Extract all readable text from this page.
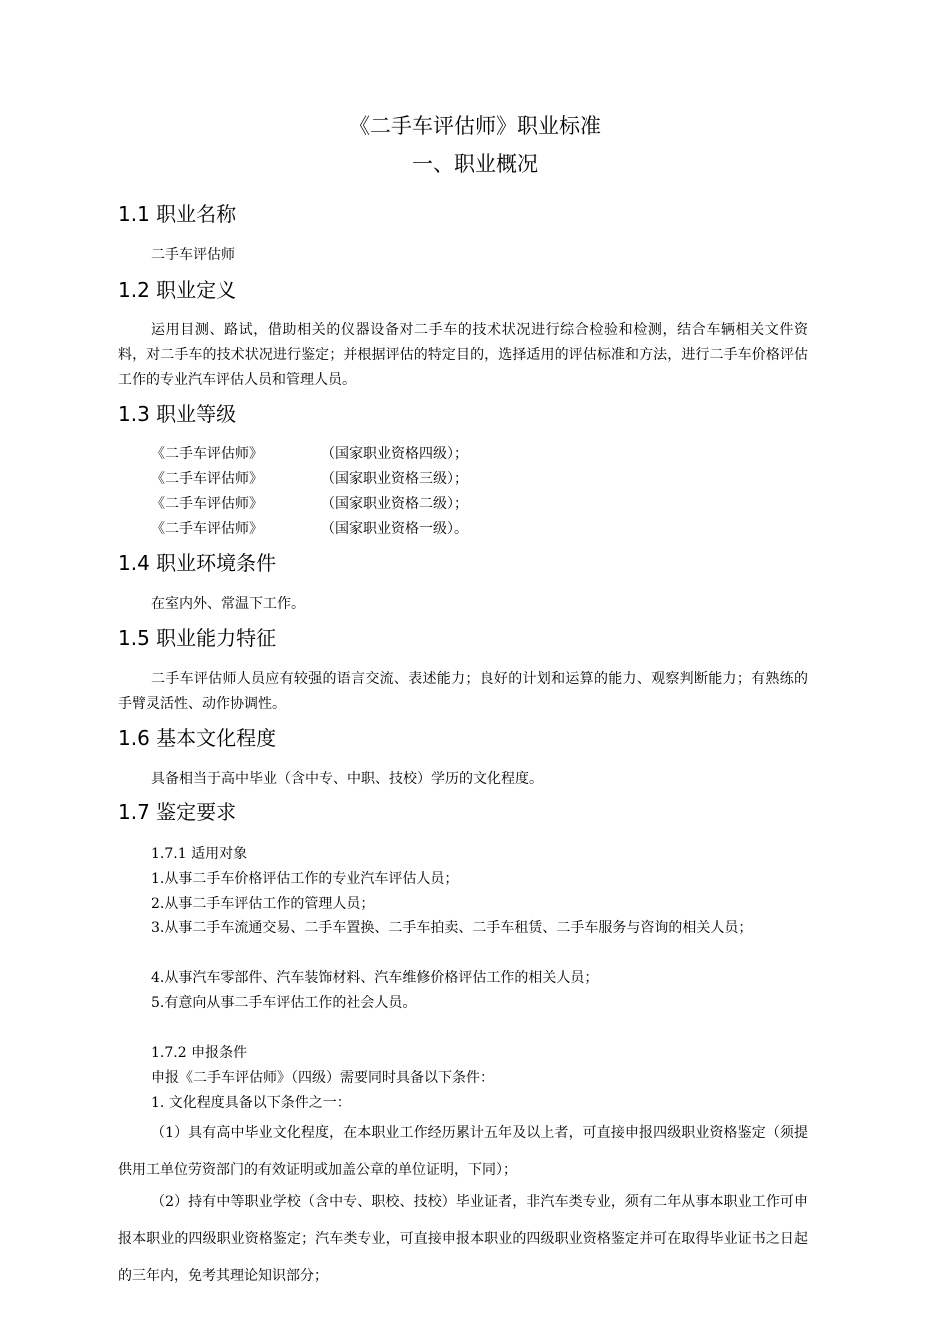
《二手车评估师》职业标准
一、职业概况
1.1 职业名称
二手车评估师
1.2 职业定义

运用目测、路试，借助相关的仪器设备对二手车的技术状况进行综合检验和检测，结合车辆相关文件资料，对二手车的技术状况进行鉴定；并根据评估的特定目的，选择适用的评估标准和方法，进行二手车价格评估工作的专业汽车评估人员和管理人员。

1.3 职业等级
《二手车评估师》	（国家职业资格四级）；
《二手车评估师》	（国家职业资格三级）；
《二手车评估师》	（国家职业资格二级）；
《二手车评估师》	（国家职业资格一级）。
1.4 职业环境条件
在室内外、常温下工作。
1.5 职业能力特征

二手车评估师人员应有较强的语言交流、表述能力；良好的计划和运算的能力、观察判断能力；有熟练的手臂灵活性、动作协调性。

1.6 基本文化程度
具备相当于高中毕业（含中专、中职、技校）学历的文化程度。
1.7 鉴定要求
1.7.1 适用对象
1.从事二手车价格评估工作的专业汽车评估人员；
2.从事二手车评估工作的管理人员；

3.从事二手车流通交易、二手车置换、二手车拍卖、二手车租赁、二手车服务与咨询的相关人员；

4.从事汽车零部件、汽车装饰材料、汽车维修价格评估工作的相关人员；
5.有意向从事二手车评估工作的社会人员。
1.7.2 申报条件
申报《二手车评估师》（四级）需要同时具备以下条件：
1. 文化程度具备以下条件之一：

（1）具有高中毕业文化程度，在本职业工作经历累计五年及以上者，可直接申报四级职业资格鉴定（须提供用工单位劳资部门的有效证明或加盖公章的单位证明，下同）；

（2）持有中等职业学校（含中专、职校、技校）毕业证者，非汽车类专业，须有二年从事本职业工作可申报本职业的四级职业资格鉴定；汽车类专业，可直接申报本职业的四级职业资格鉴定并可在取得毕业证书之日起的三年内，免考其理论知识部分；
